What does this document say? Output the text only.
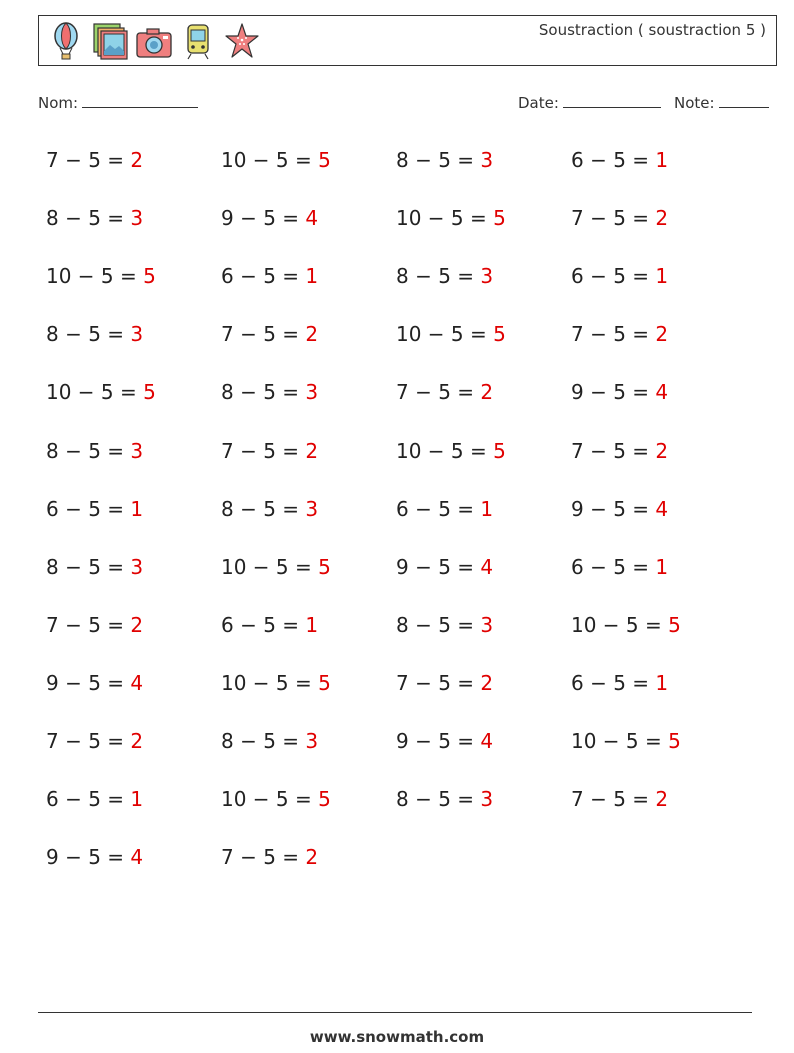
Soustraction ( soustraction 5 )
Nom:	Date:	Note:
7 − 5 = 2
8 − 5 = 3
10 − 5 = 5
8 − 5 = 3
10 − 5 = 5
8 − 5 = 3
6 − 5 = 1
8 − 5 = 3
7 − 5 = 2
9 − 5 = 4
7 − 5 = 2
6 − 5 = 1
9 − 5 = 4
10 − 5 = 5
9 − 5 = 4
6 − 5 = 1
7 − 5 = 2
8 − 5 = 3
7 − 5 = 2
8 − 5 = 3
10 − 5 = 5
6 − 5 = 1
10 − 5 = 5
8 − 5 = 3
10 − 5 = 5
7 − 5 = 2
8 − 5 = 3
10 − 5 = 5
8 − 5 = 3
10 − 5 = 5
7 − 5 = 2
10 − 5 = 5
6 − 5 = 1
9 − 5 = 4
8 − 5 = 3
7 − 5 = 2
9 − 5 = 4
8 − 5 = 3
6 − 5 = 1
7 − 5 = 2
6 − 5 = 1
7 − 5 = 2
9 − 5 = 4
7 − 5 = 2
9 − 5 = 4
6 − 5 = 1
10 − 5 = 5
6 − 5 = 1
10 − 5 = 5
7 − 5 = 2
www.snowmath.com
